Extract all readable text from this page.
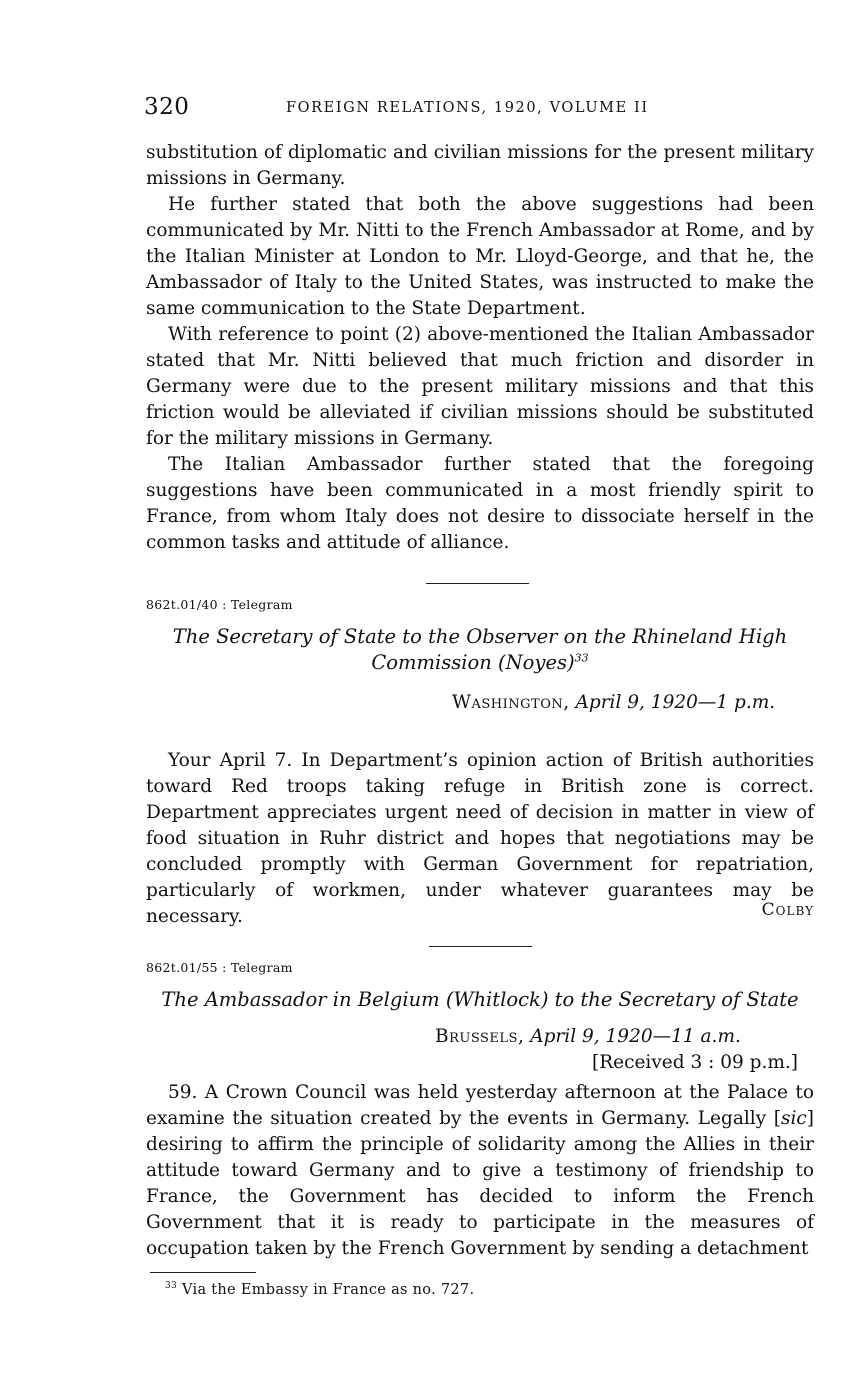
320	FOREIGN RELATIONS, 1920, VOLUME II

substitution of diplomatic and civilian missions for the present military missions in Germany.

He further stated that both the above suggestions had been communicated by Mr. Nitti to the French Ambassador at Rome, and by the Italian Minister at London to Mr. Lloyd-George, and that he, the Ambassador of Italy to the United States, was instructed to make the same communication to the State Department.

With reference to point (2) above-mentioned the Italian Ambassador stated that Mr. Nitti believed that much friction and disorder in Germany were due to the present military missions and that this friction would be alleviated if civilian missions should be substituted for the military missions in Germany.

The Italian Ambassador further stated that the foregoing suggestions have been communicated in a most friendly spirit to France, from whom Italy does not desire to dissociate herself in the common tasks and attitude of alliance.

862t.01/40 : Telegram
The Secretary of State to the Observer on the Rhineland High
Commission (Noyes)$^{33}$
Washington, April 9, 1920—1 p.m.

Your April 7. In Department’s opinion action of British authorities toward Red troops taking refuge in British zone is correct. Department appreciates urgent need of decision in matter in view of food situation in Ruhr district and hopes that negotiations may be concluded promptly with German Government for repatriation, particularly of workmen, under whatever guarantees may be necessary.	Colby
862t.01/55 : Telegram
The Ambassador in Belgium (Whitlock) to the Secretary of State
Brussels, April 9, 1920—11 a.m.
[Received 3 : 09 p.m.]

59. A Crown Council was held yesterday afternoon at the Palace to examine the situation created by the events in Germany. Legally [sic] desiring to affirm the principle of solidarity among the Allies in their attitude toward Germany and to give a testimony of friendship to France, the Government has decided to inform the French Government that it is ready to participate in the measures of occupation taken by the French Government by sending a detachment

$^{33}$ Via the Embassy in France as no. 727.
